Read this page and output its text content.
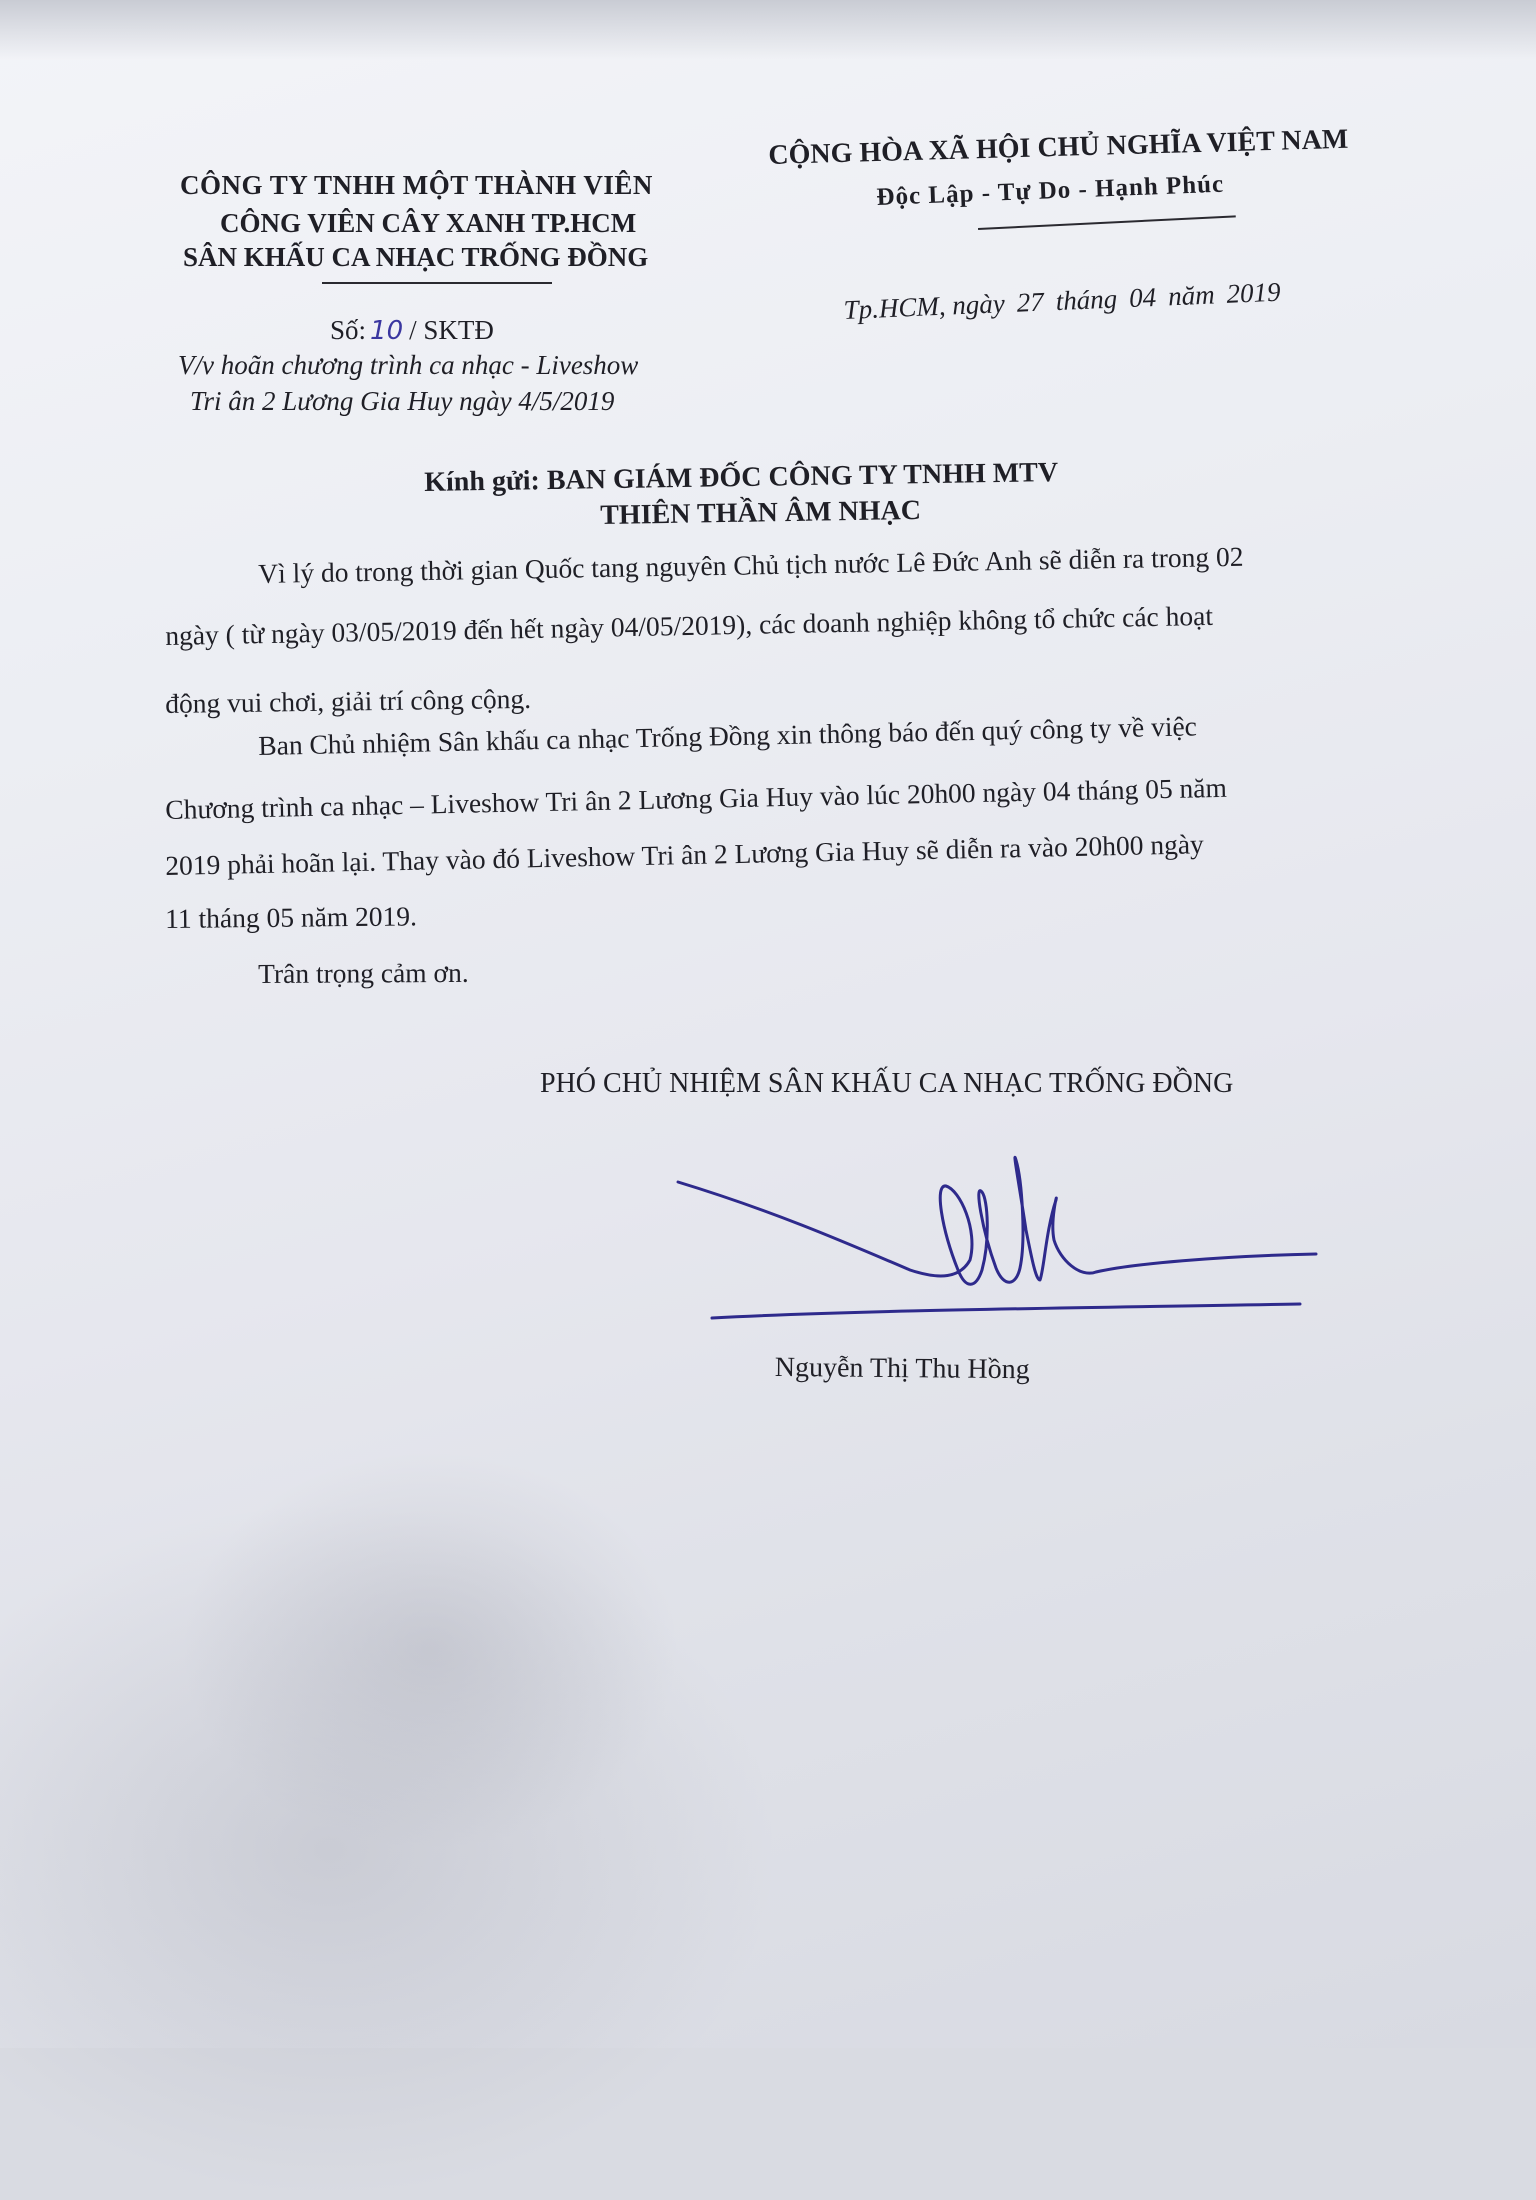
CÔNG TY TNHH MỘT THÀNH VIÊN
CÔNG VIÊN CÂY XANH TP.HCM
SÂN KHẤU CA NHẠC TRỐNG ĐỒNG
Số: 10 / SKTĐ
V/v hoãn chương trình ca nhạc - Liveshow
Tri ân 2 Lương Gia Huy ngày 4/5/2019
CỘNG HÒA XÃ HỘI CHỦ NGHĨA VIỆT NAM
Độc Lập - Tự Do - Hạnh Phúc
Tp.HCM, ngày 27 tháng 04 năm 2019
Kính gửi: BAN GIÁM ĐỐC CÔNG TY TNHH MTV
THIÊN THẦN ÂM NHẠC
Vì lý do trong thời gian Quốc tang nguyên Chủ tịch nước Lê Đức Anh sẽ diễn ra trong 02
ngày ( từ ngày 03/05/2019 đến hết ngày 04/05/2019), các doanh nghiệp không tổ chức các hoạt
động vui chơi, giải trí công cộng.
Ban Chủ nhiệm Sân khấu ca nhạc Trống Đồng xin thông báo đến quý công ty về việc
Chương trình ca nhạc – Liveshow Tri ân 2 Lương Gia Huy vào lúc 20h00 ngày 04 tháng 05 năm
2019 phải hoãn lại. Thay vào đó Liveshow Tri ân 2 Lương Gia Huy sẽ diễn ra vào 20h00 ngày
11 tháng 05 năm 2019.
Trân trọng cảm ơn.
PHÓ CHỦ NHIỆM SÂN KHẤU CA NHẠC TRỐNG ĐỒNG
Nguyễn Thị Thu Hồng
